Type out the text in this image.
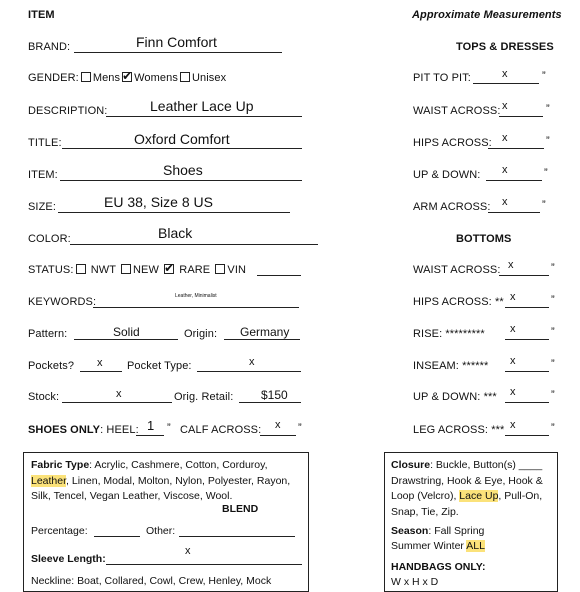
ITEM	Approximate Measurements
BRAND:	Finn Comfort
GENDER: Mens ✔ Womens Unisex
DESCRIPTION:	Leather Lace Up
TITLE:	Oxford Comfort
ITEM:	Shoes
SIZE:	EU 38, Size 8 US
COLOR:	Black
STATUS: NWT NEW ✔ RARE VIN
KEYWORDS:	Leather, Minimalist
Pattern:	Solid	Origin: Germany
Pockets? x Pocket Type:	x
Stock:	x	Orig. Retail: $150
SHOES ONLY: HEEL: 1 ” CALF ACROSS: x ”
TOPS & DRESSES
PIT TO PIT:	x	”
WAIST ACROSS: x	”
HIPS ACROSS: x	”
UP & DOWN: x	”
ARM ACROSS: x	”
BOTTOMS
WAIST ACROSS: x	”
HIPS ACROSS: ** x	”
RISE: ********* x	”
INSEAM: ****** x	”
UP & DOWN: *** x	”
LEG ACROSS: *** x	”
Fabric Type: Acrylic, Cashmere, Cotton, Corduroy, Leather, Linen, Modal, Molton, Nylon, Polyester, Rayon, Silk, Tencel, Vegan Leather, Viscose, Wool.
BLEND
Percentage:	Other:
Sleeve Length:
x
Neckline: Boat, Collared, Cowl, Crew, Henley, Mock
Closure: Buckle, Button(s) ____ Drawstring, Hook & Eye, Hook & Loop (Velcro), Lace Up, Pull-On, Snap, Tie, Zip.
Season: Fall Spring
Summer Winter ALL
HANDBAGS ONLY:
W x H x D
